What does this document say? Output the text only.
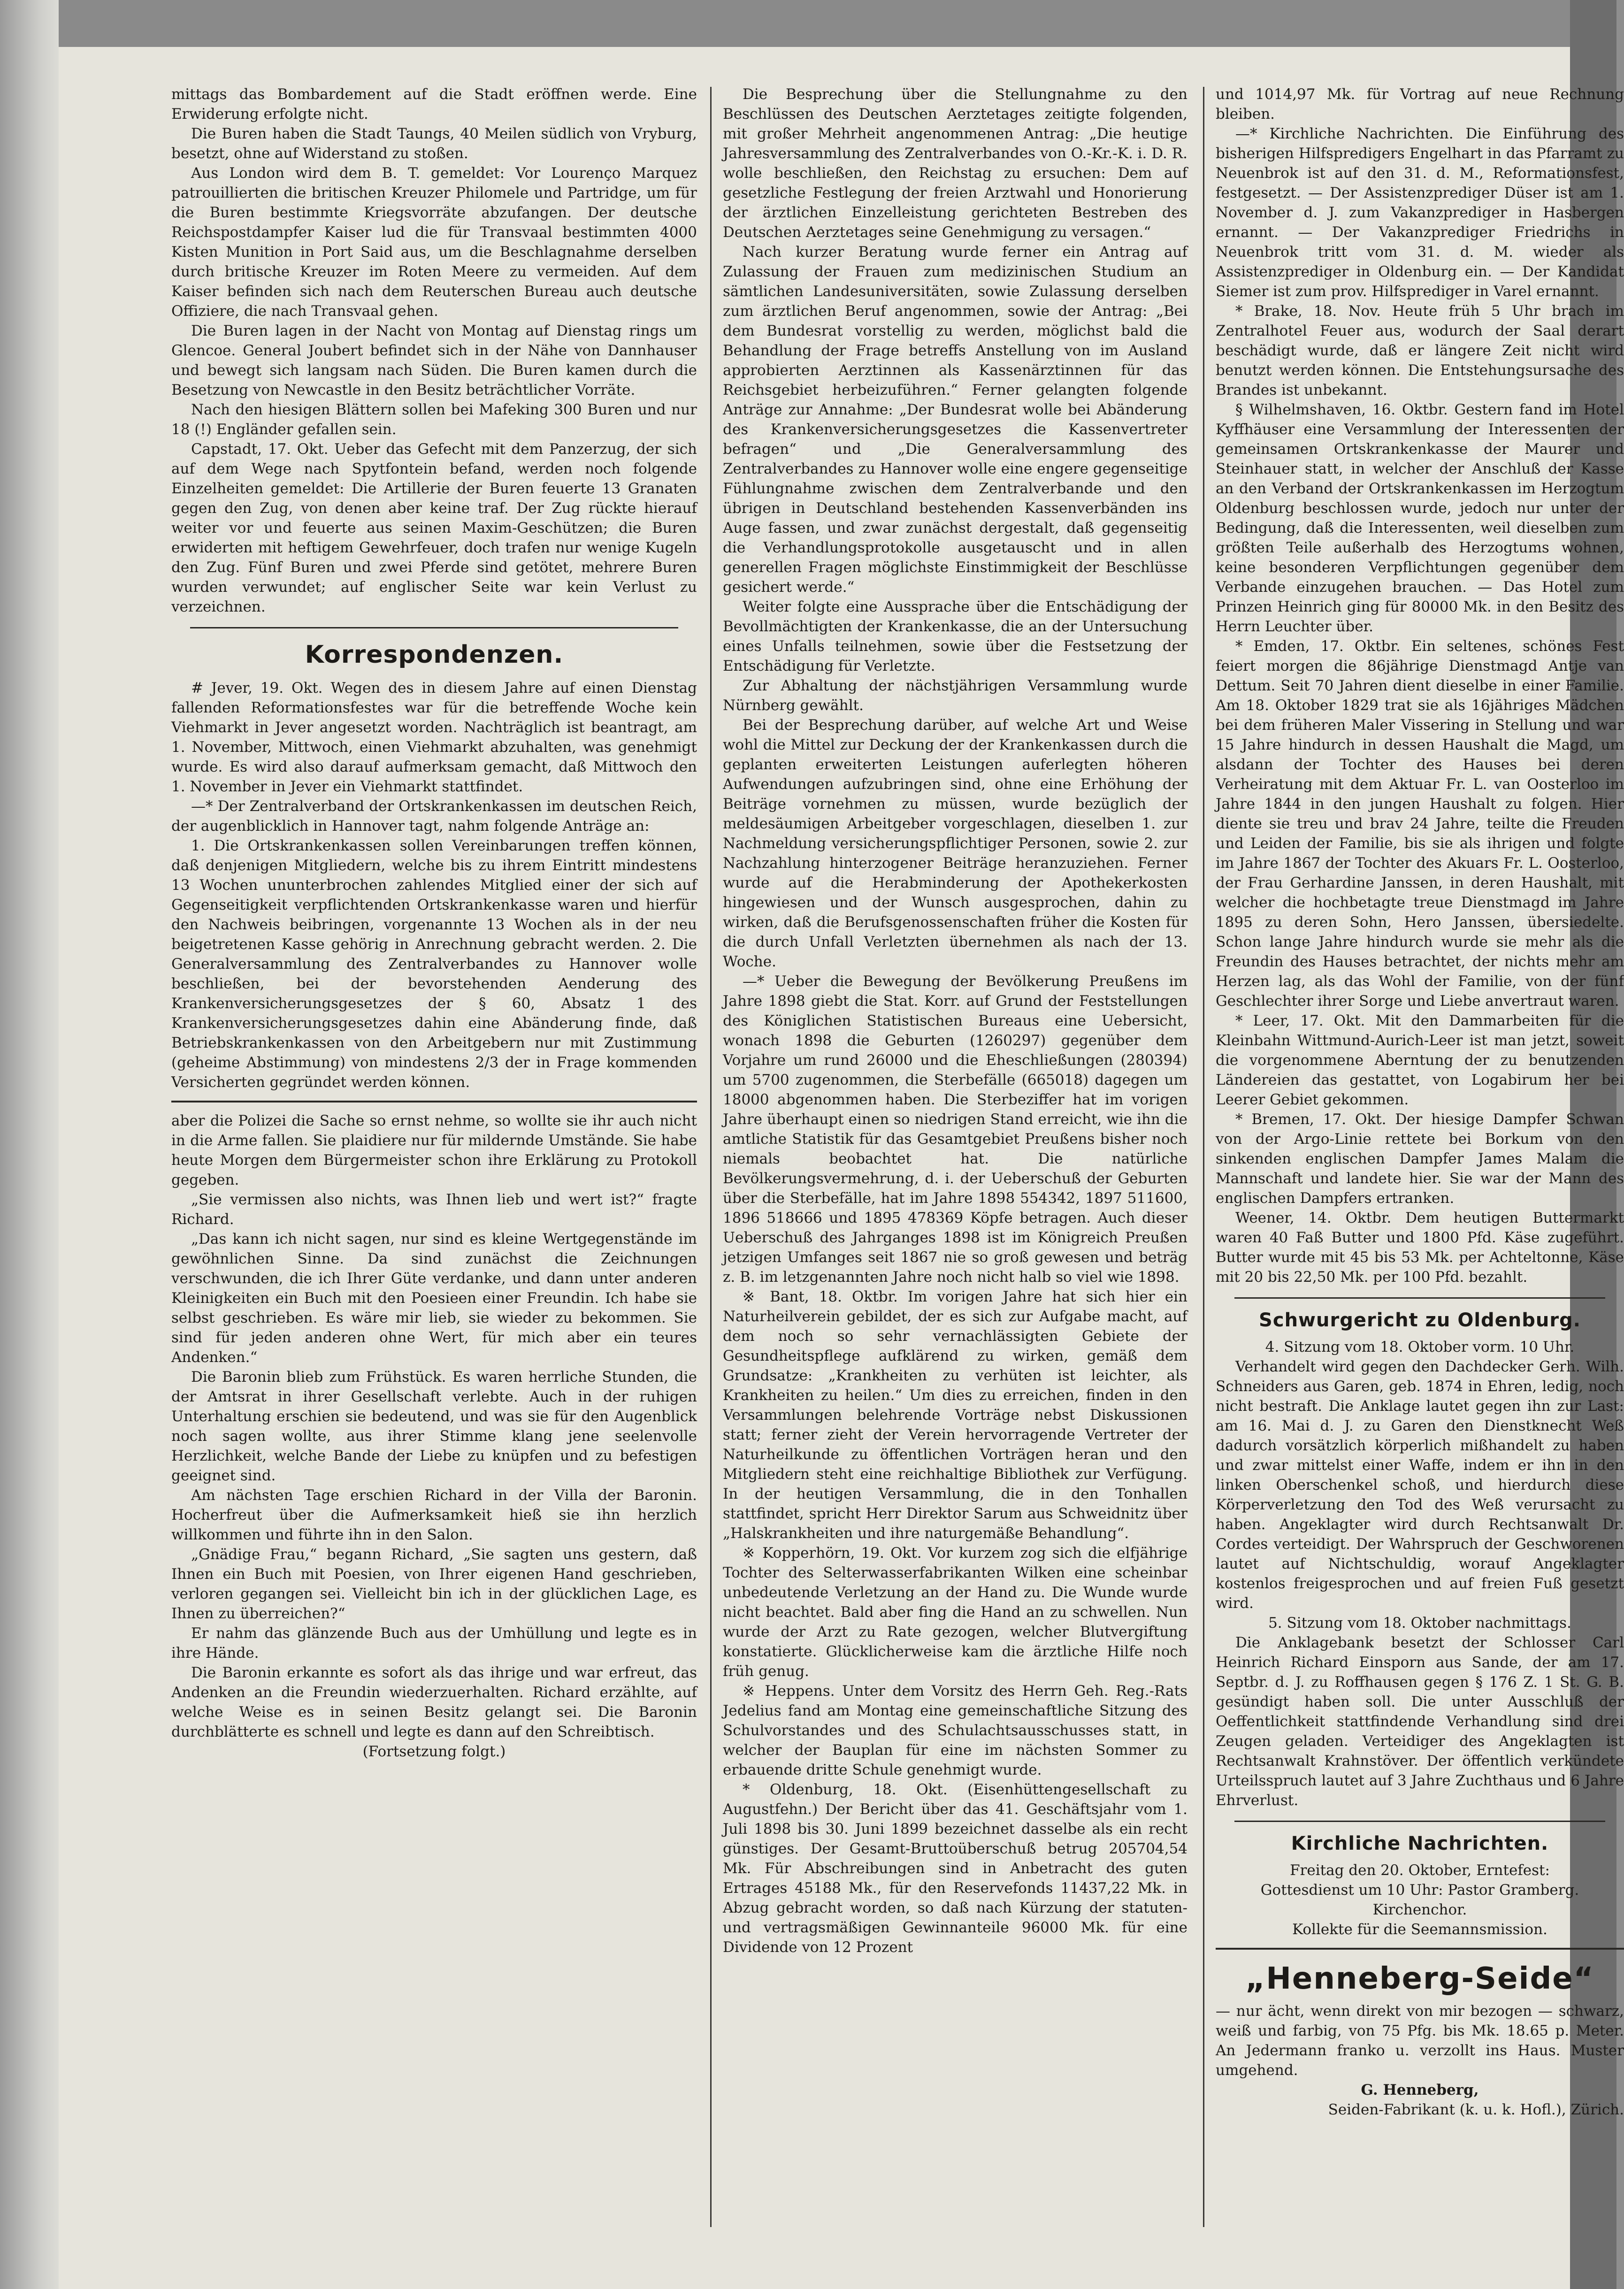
mittags das Bombardement auf die Stadt eröffnen werde. Eine Erwiderung erfolgte nicht.

Die Buren haben die Stadt Taungs, 40 Meilen südlich von Vryburg, besetzt, ohne auf Widerstand zu stoßen.

Aus London wird dem B. T. gemeldet: Vor Lourenço Marquez patrouillierten die britischen Kreuzer Philomele und Partridge, um für die Buren bestimmte Kriegsvorräte abzufangen. Der deutsche Reichspostdampfer Kaiser lud die für Transvaal bestimmten 4000 Kisten Munition in Port Said aus, um die Beschlagnahme derselben durch britische Kreuzer im Roten Meere zu vermeiden. Auf dem Kaiser befinden sich nach dem Reuterschen Bureau auch deutsche Offiziere, die nach Transvaal gehen.

Die Buren lagen in der Nacht von Montag auf Dienstag rings um Glencoe. General Joubert befindet sich in der Nähe von Dannhauser und bewegt sich langsam nach Süden. Die Buren kamen durch die Besetzung von Newcastle in den Besitz beträchtlicher Vorräte.

Nach den hiesigen Blättern sollen bei Mafeking 300 Buren und nur 18 (!) Engländer gefallen sein.

Capstadt, 17. Okt. Ueber das Gefecht mit dem Panzerzug, der sich auf dem Wege nach Spytfontein befand, werden noch folgende Einzelheiten gemeldet: Die Artillerie der Buren feuerte 13 Granaten gegen den Zug, von denen aber keine traf. Der Zug rückte hierauf weiter vor und feuerte aus seinen Maxim-Geschützen; die Buren erwiderten mit heftigem Gewehrfeuer, doch trafen nur wenige Kugeln den Zug. Fünf Buren und zwei Pferde sind getötet, mehrere Buren wurden verwundet; auf englischer Seite war kein Verlust zu verzeichnen.

Korrespondenzen.

# Jever, 19. Okt. Wegen des in diesem Jahre auf einen Dienstag fallenden Reformationsfestes war für die betreffende Woche kein Viehmarkt in Jever angesetzt worden. Nachträglich ist beantragt, am 1. November, Mittwoch, einen Viehmarkt abzuhalten, was genehmigt wurde. Es wird also darauf aufmerksam gemacht, daß Mittwoch den 1. November in Jever ein Viehmarkt stattfindet.

—* Der Zentralverband der Ortskrankenkassen im deutschen Reich, der augenblicklich in Hannover tagt, nahm folgende Anträge an:

1. Die Ortskrankenkassen sollen Vereinbarungen treffen können, daß denjenigen Mitgliedern, welche bis zu ihrem Eintritt mindestens 13 Wochen ununterbrochen zahlendes Mitglied einer der sich auf Gegenseitigkeit verpflichtenden Ortskrankenkasse waren und hierfür den Nachweis beibringen, vorgenannte 13 Wochen als in der neu beigetretenen Kasse gehörig in Anrechnung gebracht werden. 2. Die Generalversammlung des Zentralverbandes zu Hannover wolle beschließen, bei der bevorstehenden Aenderung des Krankenversicherungsgesetzes der § 60, Absatz 1 des Krankenversicherungsgesetzes dahin eine Abänderung finde, daß Betriebskrankenkassen von den Arbeitgebern nur mit Zustimmung (geheime Abstimmung) von mindestens 2/3 der in Frage kommenden Versicherten gegründet werden können.

aber die Polizei die Sache so ernst nehme, so wollte sie ihr auch nicht in die Arme fallen. Sie plaidiere nur für mildernde Umstände. Sie habe heute Morgen dem Bürgermeister schon ihre Erklärung zu Protokoll gegeben.

„Sie vermissen also nichts, was Ihnen lieb und wert ist?“ fragte Richard.

„Das kann ich nicht sagen, nur sind es kleine Wertgegenstände im gewöhnlichen Sinne. Da sind zunächst die Zeichnungen verschwunden, die ich Ihrer Güte verdanke, und dann unter anderen Kleinigkeiten ein Buch mit den Poesieen einer Freundin. Ich habe sie selbst geschrieben. Es wäre mir lieb, sie wieder zu bekommen. Sie sind für jeden anderen ohne Wert, für mich aber ein teures Andenken.“

Die Baronin blieb zum Frühstück. Es waren herrliche Stunden, die der Amtsrat in ihrer Gesellschaft verlebte. Auch in der ruhigen Unterhaltung erschien sie bedeutend, und was sie für den Augenblick noch sagen wollte, aus ihrer Stimme klang jene seelenvolle Herzlichkeit, welche Bande der Liebe zu knüpfen und zu befestigen geeignet sind.

Am nächsten Tage erschien Richard in der Villa der Baronin. Hocherfreut über die Aufmerksamkeit hieß sie ihn herzlich willkommen und führte ihn in den Salon.

„Gnädige Frau,“ begann Richard, „Sie sagten uns gestern, daß Ihnen ein Buch mit Poesien, von Ihrer eigenen Hand geschrieben, verloren gegangen sei. Vielleicht bin ich in der glücklichen Lage, es Ihnen zu überreichen?“

Er nahm das glänzende Buch aus der Umhüllung und legte es in ihre Hände.

Die Baronin erkannte es sofort als das ihrige und war erfreut, das Andenken an die Freundin wiederzuerhalten. Richard erzählte, auf welche Weise es in seinen Besitz gelangt sei. Die Baronin durchblätterte es schnell und legte es dann auf den Schreibtisch.

(Fortsetzung folgt.)

Die Besprechung über die Stellungnahme zu den Beschlüssen des Deutschen Aerztetages zeitigte folgenden, mit großer Mehrheit angenommenen Antrag: „Die heutige Jahresversammlung des Zentralverbandes von O.-Kr.-K. i. D. R. wolle beschließen, den Reichstag zu ersuchen: Dem auf gesetzliche Festlegung der freien Arztwahl und Honorierung der ärztlichen Einzelleistung gerichteten Bestreben des Deutschen Aerztetages seine Genehmigung zu versagen.“

Nach kurzer Beratung wurde ferner ein Antrag auf Zulassung der Frauen zum medizinischen Studium an sämtlichen Landesuniversitäten, sowie Zulassung derselben zum ärztlichen Beruf angenommen, sowie der Antrag: „Bei dem Bundesrat vorstellig zu werden, möglichst bald die Behandlung der Frage betreffs Anstellung von im Ausland approbierten Aerztinnen als Kassenärztinnen für das Reichsgebiet herbeizuführen.“ Ferner gelangten folgende Anträge zur Annahme: „Der Bundesrat wolle bei Abänderung des Krankenversicherungsgesetzes die Kassenvertreter befragen“ und „Die Generalversammlung des Zentralverbandes zu Hannover wolle eine engere gegenseitige Fühlungnahme zwischen dem Zentralverbande und den übrigen in Deutschland bestehenden Kassenverbänden ins Auge fassen, und zwar zunächst dergestalt, daß gegenseitig die Verhandlungsprotokolle ausgetauscht und in allen generellen Fragen möglichste Einstimmigkeit der Beschlüsse gesichert werde.“

Weiter folgte eine Aussprache über die Entschädigung der Bevollmächtigten der Krankenkasse, die an der Untersuchung eines Unfalls teilnehmen, sowie über die Festsetzung der Entschädigung für Verletzte.

Zur Abhaltung der nächstjährigen Versammlung wurde Nürnberg gewählt.

Bei der Besprechung darüber, auf welche Art und Weise wohl die Mittel zur Deckung der der Krankenkassen durch die geplanten erweiterten Leistungen auferlegten höheren Aufwendungen aufzubringen sind, ohne eine Erhöhung der Beiträge vornehmen zu müssen, wurde bezüglich der meldesäumigen Arbeitgeber vorgeschlagen, dieselben 1. zur Nachmeldung versicherungspflichtiger Personen, sowie 2. zur Nachzahlung hinterzogener Beiträge heranzuziehen. Ferner wurde auf die Herabminderung der Apothekerkosten hingewiesen und der Wunsch ausgesprochen, dahin zu wirken, daß die Berufsgenossenschaften früher die Kosten für die durch Unfall Verletzten übernehmen als nach der 13. Woche.

—* Ueber die Bewegung der Bevölkerung Preußens im Jahre 1898 giebt die Stat. Korr. auf Grund der Feststellungen des Königlichen Statistischen Bureaus eine Uebersicht, wonach 1898 die Geburten (1260297) gegenüber dem Vorjahre um rund 26000 und die Eheschließungen (280394) um 5700 zugenommen, die Sterbefälle (665018) dagegen um 18000 abgenommen haben. Die Sterbeziffer hat im vorigen Jahre überhaupt einen so niedrigen Stand erreicht, wie ihn die amtliche Statistik für das Gesamtgebiet Preußens bisher noch niemals beobachtet hat. Die natürliche Bevölkerungsvermehrung, d. i. der Ueberschuß der Geburten über die Sterbefälle, hat im Jahre 1898 554342, 1897 511600, 1896 518666 und 1895 478369 Köpfe betragen. Auch dieser Ueberschuß des Jahrganges 1898 ist im Königreich Preußen jetzigen Umfanges seit 1867 nie so groß gewesen und beträg z. B. im letzgenannten Jahre noch nicht halb so viel wie 1898.

※ Bant, 18. Oktbr. Im vorigen Jahre hat sich hier ein Naturheilverein gebildet, der es sich zur Aufgabe macht, auf dem noch so sehr vernachlässigten Gebiete der Gesundheitspflege aufklärend zu wirken, gemäß dem Grundsatze: „Krankheiten zu verhüten ist leichter, als Krankheiten zu heilen.“ Um dies zu erreichen, finden in den Versammlungen belehrende Vorträge nebst Diskussionen statt; ferner zieht der Verein hervorragende Vertreter der Naturheilkunde zu öffentlichen Vorträgen heran und den Mitgliedern steht eine reichhaltige Bibliothek zur Verfügung. In der heutigen Versammlung, die in den Tonhallen stattfindet, spricht Herr Direktor Sarum aus Schweidnitz über „Halskrankheiten und ihre naturgemäße Behandlung“.

※ Kopperhörn, 19. Okt. Vor kurzem zog sich die elfjährige Tochter des Selterwasserfabrikanten Wilken eine scheinbar unbedeutende Verletzung an der Hand zu. Die Wunde wurde nicht beachtet. Bald aber fing die Hand an zu schwellen. Nun wurde der Arzt zu Rate gezogen, welcher Blutvergiftung konstatierte. Glücklicherweise kam die ärztliche Hilfe noch früh genug.

※ Heppens. Unter dem Vorsitz des Herrn Geh. Reg.-Rats Jedelius fand am Montag eine gemeinschaftliche Sitzung des Schulvorstandes und des Schulachtsausschusses statt, in welcher der Bauplan für eine im nächsten Sommer zu erbauende dritte Schule genehmigt wurde.

* Oldenburg, 18. Okt. (Eisenhüttengesellschaft zu Augustfehn.) Der Bericht über das 41. Geschäftsjahr vom 1. Juli 1898 bis 30. Juni 1899 bezeichnet dasselbe als ein recht günstiges. Der Gesamt-Bruttoüberschuß betrug 205704,54 Mk. Für Abschreibungen sind in Anbetracht des guten Ertrages 45188 Mk., für den Reservefonds 11437,22 Mk. in Abzug gebracht worden, so daß nach Kürzung der statuten- und vertragsmäßigen Gewinnanteile 96000 Mk. für eine Dividende von 12 Prozent

und 1014,97 Mk. für Vortrag auf neue Rechnung bleiben.

—* Kirchliche Nachrichten. Die Einführung des bisherigen Hilfspredigers Engelhart in das Pfarramt zu Neuenbrok ist auf den 31. d. M., Reformationsfest, festgesetzt. — Der Assistenzprediger Düser ist am 1. November d. J. zum Vakanzprediger in Hasbergen ernannt. — Der Vakanzprediger Friedrichs in Neuenbrok tritt vom 31. d. M. wieder als Assistenzprediger in Oldenburg ein. — Der Kandidat Siemer ist zum prov. Hilfsprediger in Varel ernannt.

* Brake, 18. Nov. Heute früh 5 Uhr brach im Zentralhotel Feuer aus, wodurch der Saal derart beschädigt wurde, daß er längere Zeit nicht wird benutzt werden können. Die Entstehungsursache des Brandes ist unbekannt.

§ Wilhelmshaven, 16. Oktbr. Gestern fand im Hotel Kyffhäuser eine Versammlung der Interessenten der gemeinsamen Ortskrankenkasse der Maurer und Steinhauer statt, in welcher der Anschluß der Kasse an den Verband der Ortskrankenkassen im Herzogtum Oldenburg beschlossen wurde, jedoch nur unter der Bedingung, daß die Interessenten, weil dieselben zum größten Teile außerhalb des Herzogtums wohnen, keine besonderen Verpflichtungen gegenüber dem Verbande einzugehen brauchen. — Das Hotel zum Prinzen Heinrich ging für 80000 Mk. in den Besitz des Herrn Leuchter über.

* Emden, 17. Oktbr. Ein seltenes, schönes Fest feiert morgen die 86jährige Dienstmagd Antje van Dettum. Seit 70 Jahren dient dieselbe in einer Familie. Am 18. Oktober 1829 trat sie als 16jähriges Mädchen bei dem früheren Maler Vissering in Stellung und war 15 Jahre hindurch in dessen Haushalt die Magd, um alsdann der Tochter des Hauses bei deren Verheiratung mit dem Aktuar Fr. L. van Oosterloo im Jahre 1844 in den jungen Haushalt zu folgen. Hier diente sie treu und brav 24 Jahre, teilte die Freuden und Leiden der Familie, bis sie als ihrigen und folgte im Jahre 1867 der Tochter des Akuars Fr. L. Oosterloo, der Frau Gerhardine Janssen, in deren Haushalt, mit welcher die hochbetagte treue Dienstmagd im Jahre 1895 zu deren Sohn, Hero Janssen, übersiedelte. Schon lange Jahre hindurch wurde sie mehr als die Freundin des Hauses betrachtet, der nichts mehr am Herzen lag, als das Wohl der Familie, von der fünf Geschlechter ihrer Sorge und Liebe anvertraut waren.

* Leer, 17. Okt. Mit den Dammarbeiten für die Kleinbahn Wittmund-Aurich-Leer ist man jetzt, soweit die vorgenommene Aberntung der zu benutzenden Ländereien das gestattet, von Logabirum her bei Leerer Gebiet gekommen.

* Bremen, 17. Okt. Der hiesige Dampfer Schwan von der Argo-Linie rettete bei Borkum von den sinkenden englischen Dampfer James Malam die Mannschaft und landete hier. Sie war der Mann des englischen Dampfers ertranken.

Weener, 14. Oktbr. Dem heutigen Buttermarkt waren 40 Faß Butter und 1800 Pfd. Käse zugeführt. Butter wurde mit 45 bis 53 Mk. per Achteltonne, Käse mit 20 bis 22,50 Mk. per 100 Pfd. bezahlt.

Schwurgericht zu Oldenburg.

4. Sitzung vom 18. Oktober vorm. 10 Uhr.

Verhandelt wird gegen den Dachdecker Gerh. Wilh. Schneiders aus Garen, geb. 1874 in Ehren, ledig, noch nicht bestraft. Die Anklage lautet gegen ihn zur Last: am 16. Mai d. J. zu Garen den Dienstknecht Weß dadurch vorsätzlich körperlich mißhandelt zu haben und zwar mittelst einer Waffe, indem er ihn in den linken Oberschenkel schoß, und hierdurch diese Körperverletzung den Tod des Weß verursacht zu haben. Angeklagter wird durch Rechtsanwalt Dr. Cordes verteidigt. Der Wahrspruch der Geschworenen lautet auf Nichtschuldig, worauf Angeklagter kostenlos freigesprochen und auf freien Fuß gesetzt wird.

5. Sitzung vom 18. Oktober nachmittags.

Die Anklagebank besetzt der Schlosser Carl Heinrich Richard Einsporn aus Sande, der am 17. Septbr. d. J. zu Roffhausen gegen § 176 Z. 1 St. G. B. gesündigt haben soll. Die unter Ausschluß der Oeffentlichkeit stattfindende Verhandlung sind drei Zeugen geladen. Verteidiger des Angeklagten ist Rechtsanwalt Krahnstöver. Der öffentlich verkündete Urteilsspruch lautet auf 3 Jahre Zuchthaus und 6 Jahre Ehrverlust.

Kirchliche Nachrichten.

Freitag den 20. Oktober, Erntefest:

Gottesdienst um 10 Uhr: Pastor Gramberg.

Kirchenchor.

Kollekte für die Seemannsmission.

„Henneberg-Seide“

— nur ächt, wenn direkt von mir bezogen — schwarz, weiß und farbig, von 75 Pfg. bis Mk. 18.65 p. Meter. An Jedermann franko u. verzollt ins Haus. Muster umgehend.

G. Henneberg,

Seiden-Fabrikant (k. u. k. Hofl.), Zürich.
